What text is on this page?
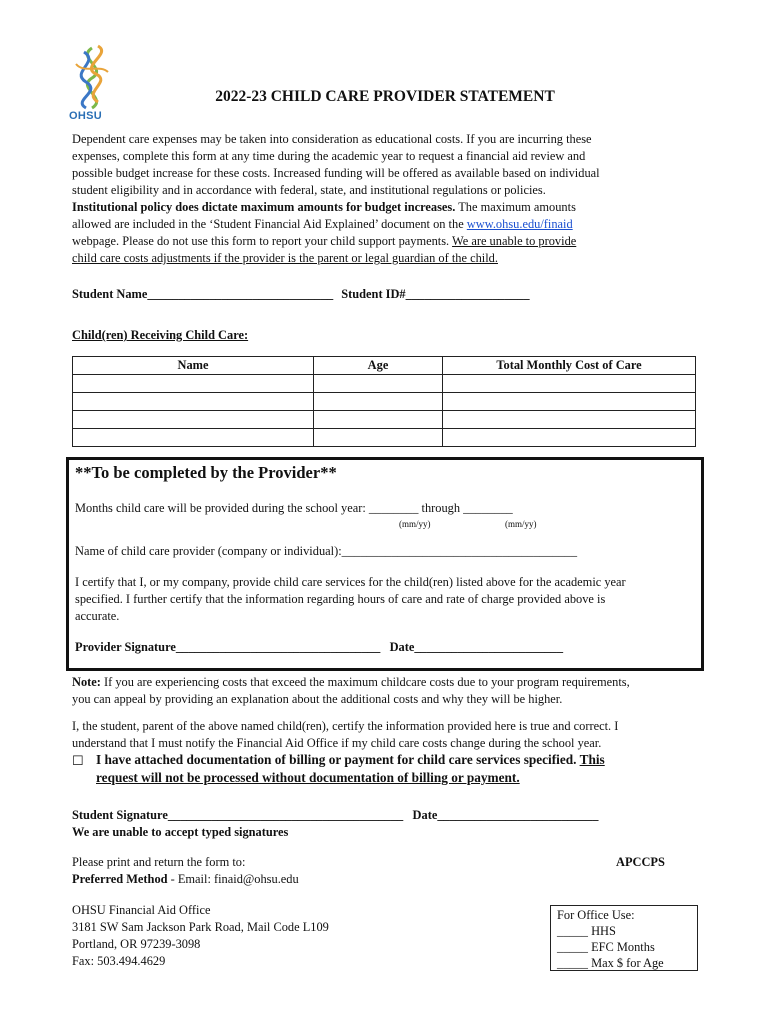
OHSU
2022-23 CHILD CARE PROVIDER STATEMENT
Dependent care expenses may be taken into consideration as educational costs. If you are incurring these
expenses, complete this form at any time during the academic year to request a financial aid review and
possible budget increase for these costs. Increased funding will be offered as available based on individual
student eligibility and in accordance with federal, state, and institutional regulations or policies.
Institutional policy does dictate maximum amounts for budget increases. The maximum amounts
allowed are included in the ‘Student Financial Aid Explained’ document on the www.ohsu.edu/finaid
webpage. Please do not use this form to report your child support payments. We are unable to provide
child care costs adjustments if the provider is the parent or legal guardian of the child.
Student Name______________________________ Student ID#____________________
Child(ren) Receiving Child Care:
Name	Age	Total Monthly Cost of Care

**To be completed by the Provider**
Months child care will be provided during the school year: ________ through ________
(mm/yy)	(mm/yy)
Name of child care provider (company or individual):______________________________________
I certify that I, or my company, provide child care services for the child(ren) listed above for the academic year
specified. I further certify that the information regarding hours of care and rate of charge provided above is
accurate.
Provider Signature_________________________________ Date________________________
Note: If you are experiencing costs that exceed the maximum childcare costs due to your program requirements,
you can appeal by providing an explanation about the additional costs and why they will be higher.
I, the student, parent of the above named child(ren), certify the information provided here is true and correct. I
understand that I must notify the Financial Aid Office if my child care costs change during the school year.
☐ I have attached documentation of billing or payment for child care services specified. This
request will not be processed without documentation of billing or payment.
Student Signature______________________________________ Date__________________________
We are unable to accept typed signatures
Please print and return the form to:
Preferred Method - Email: finaid@ohsu.edu
APCCPS
OHSU Financial Aid Office
3181 SW Sam Jackson Park Road, Mail Code L109
Portland, OR 97239-3098
Fax: 503.494.4629
For Office Use:
_____ HHS
_____ EFC Months
_____ Max $ for Age
